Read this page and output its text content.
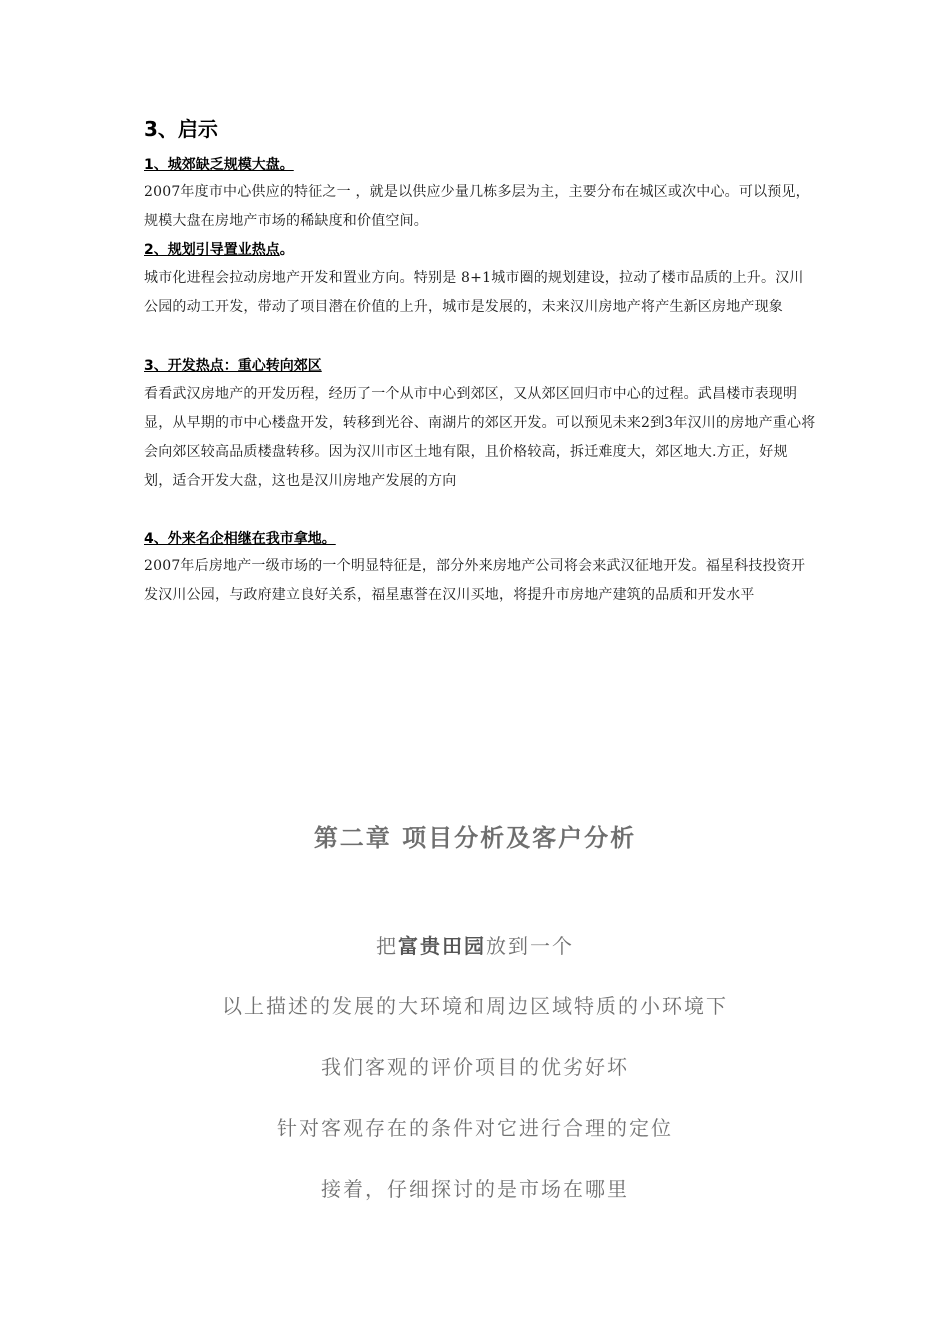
3、启示

1、城郊缺乏规模大盘。

2007年度市中心供应的特征之一 ，就是以供应少量几栋多层为主，主要分布在城区或次中心。可以预见，规模大盘在房地产市场的稀缺度和价值空间。

2、规划引导置业热点。

城市化进程会拉动房地产开发和置业方向。特别是 8+1城市圈的规划建设，拉动了楼市品质的上升。汉川公园的动工开发，带动了项目潜在价值的上升，城市是发展的，未来汉川房地产将产生新区房地产现象

3、开发热点：重心转向郊区

看看武汉房地产的开发历程，经历了一个从市中心到郊区，又从郊区回归市中心的过程。武昌楼市表现明显，从早期的市中心楼盘开发，转移到光谷、南湖片的郊区开发。可以预见未来2到3年汉川的房地产重心将会向郊区较高品质楼盘转移。因为汉川市区土地有限，且价格较高，拆迁难度大，郊区地大.方正，好规划，适合开发大盘，这也是汉川房地产发展的方向

4、外来名企相继在我市拿地。

2007年后房地产一级市场的一个明显特征是，部分外来房地产公司将会来武汉征地开发。福星科技投资开发汉川公园，与政府建立良好关系，福星惠誉在汉川买地，将提升市房地产建筑的品质和开发水平

第二章 项目分析及客户分析

把富贵田园放到一个

以上描述的发展的大环境和周边区域特质的小环境下

我们客观的评价项目的优劣好坏

针对客观存在的条件对它进行合理的定位

接着，仔细探讨的是市场在哪里
